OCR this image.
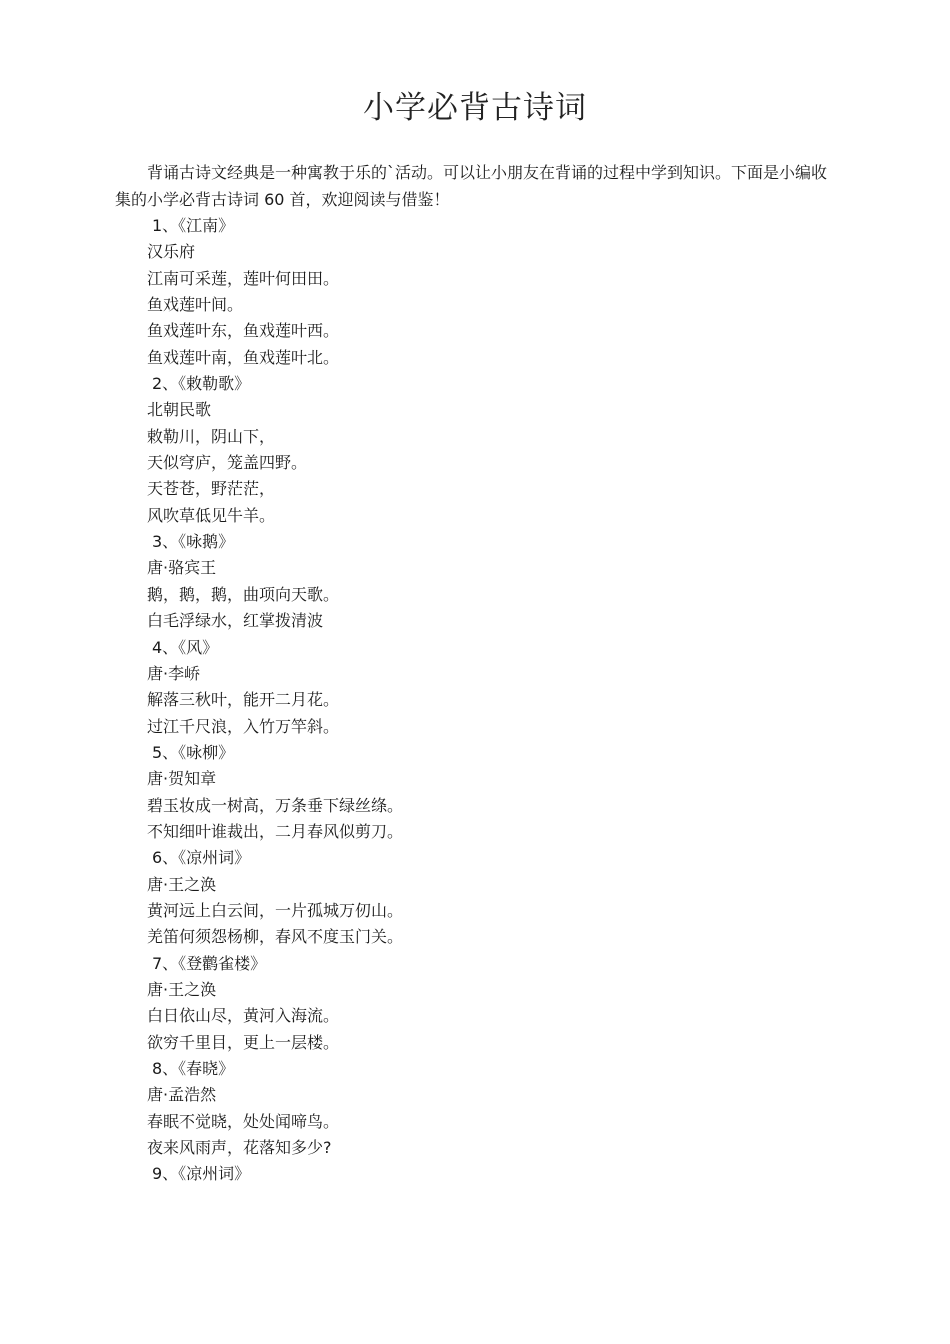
小学必背古诗词

背诵古诗文经典是一种寓教于乐的`活动。可以让小朋友在背诵的过程中学到知识。下面是小编收集的小学必背古诗词 60 首，欢迎阅读与借鉴！

1、《江南》
汉乐府
江南可采莲，莲叶何田田。
鱼戏莲叶间。
鱼戏莲叶东，鱼戏莲叶西。
鱼戏莲叶南，鱼戏莲叶北。
2、《敕勒歌》
北朝民歌
敕勒川，阴山下，
天似穹庐，笼盖四野。
天苍苍，野茫茫，
风吹草低见牛羊。
3、《咏鹅》
唐·骆宾王
鹅，鹅，鹅，曲项向天歌。
白毛浮绿水，红掌拨清波
4、《风》
唐·李峤
解落三秋叶，能开二月花。
过江千尺浪，入竹万竿斜。
5、《咏柳》
唐·贺知章
碧玉妆成一树高，万条垂下绿丝绦。
不知细叶谁裁出，二月春风似剪刀。
6、《凉州词》
唐·王之涣
黄河远上白云间，一片孤城万仞山。
羌笛何须怨杨柳，春风不度玉门关。
7、《登鹳雀楼》
唐·王之涣
白日依山尽，黄河入海流。
欲穷千里目，更上一层楼。
8、《春晓》
唐·孟浩然
春眠不觉晓，处处闻啼鸟。
夜来风雨声，花落知多少?
9、《凉州词》
